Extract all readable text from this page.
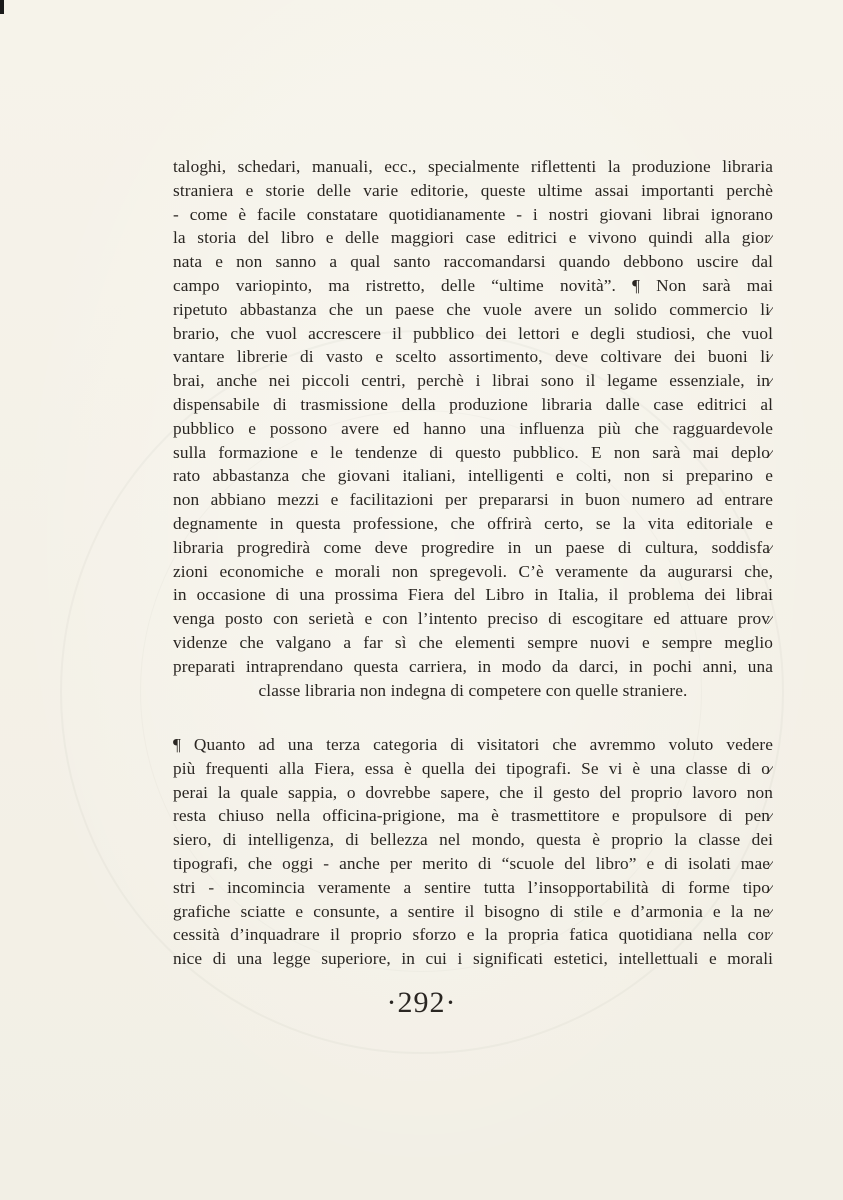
taloghi, schedari, manuali, ecc., specialmente riflettenti la produzione libraria
straniera e storie delle varie editorie, queste ultime assai importanti perchè
- come è facile constatare quotidianamente - i nostri giovani librai ignorano
la storia del libro e delle maggiori case editrici e vivono quindi alla gior⁄
nata e non sanno a qual santo raccomandarsi quando debbono uscire dal
campo variopinto, ma ristretto, delle “ultime novità”. ¶ Non sarà mai
ripetuto abbastanza che un paese che vuole avere un solido commercio li⁄
brario, che vuol accrescere il pubblico dei lettori e degli studiosi, che vuol
vantare librerie di vasto e scelto assortimento, deve coltivare dei buoni li⁄
brai, anche nei piccoli centri, perchè i librai sono il legame essenziale, in⁄
dispensabile di trasmissione della produzione libraria dalle case editrici al
pubblico e possono avere ed hanno una influenza più che ragguardevole
sulla formazione e le tendenze di questo pubblico. E non sarà mai deplo⁄
rato abbastanza che giovani italiani, intelligenti e colti, non si preparino e
non abbiano mezzi e facilitazioni per prepararsi in buon numero ad entrare
degnamente in questa professione, che offrirà certo, se la vita editoriale e
libraria progredirà come deve progredire in un paese di cultura, soddisfa⁄
zioni economiche e morali non spregevoli. C’è veramente da augurarsi che,
in occasione di una prossima Fiera del Libro in Italia, il problema dei librai
venga posto con serietà e con l’intento preciso di escogitare ed attuare prov⁄
videnze che valgano a far sì che elementi sempre nuovi e sempre meglio
preparati intraprendano questa carriera, in modo da darci, in pochi anni, una
classe libraria non indegna di competere con quelle straniere.
¶ Quanto ad una terza categoria di visitatori che avremmo voluto vedere
più frequenti alla Fiera, essa è quella dei tipografi. Se vi è una classe di o⁄
perai la quale sappia, o dovrebbe sapere, che il gesto del proprio lavoro non
resta chiuso nella officina-prigione, ma è trasmettitore e propulsore di pen⁄
siero, di intelligenza, di bellezza nel mondo, questa è proprio la classe dei
tipografi, che oggi - anche per merito di “scuole del libro” e di isolati mae⁄
stri - incomincia veramente a sentire tutta l’insopportabilità di forme tipo⁄
grafiche sciatte e consunte, a sentire il bisogno di stile e d’armonia e la ne⁄
cessità d’inquadrare il proprio sforzo e la propria fatica quotidiana nella cor⁄
nice di una legge superiore, in cui i significati estetici, intellettuali e morali
·292·
